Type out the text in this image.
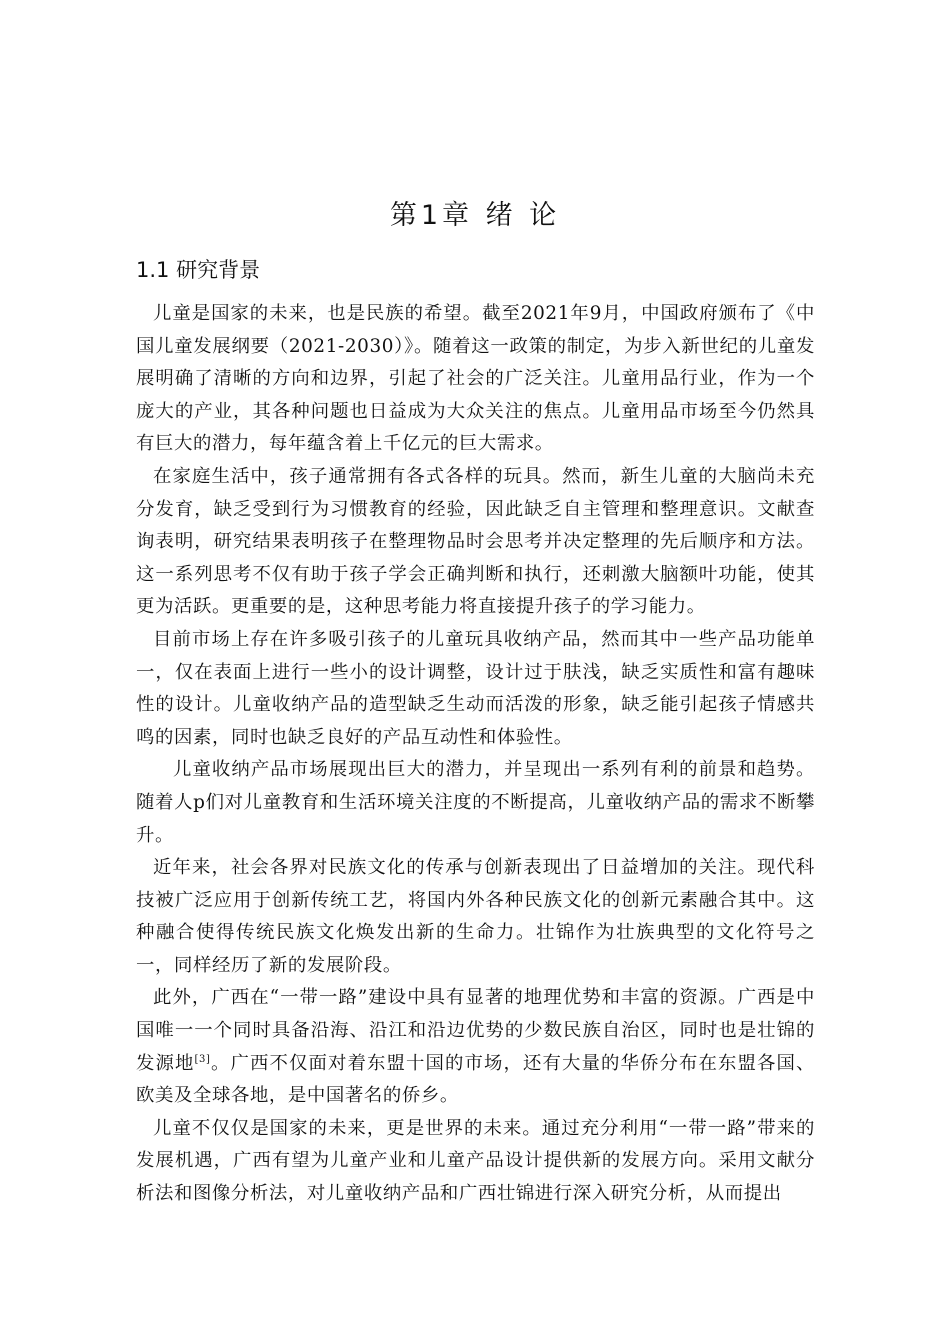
第1章 绪 论
1.1 研究背景

儿童是国家的未来，也是民族的希望。截至2021年9月，中国政府颁布了《中国儿童发展纲要（2021-2030）》。随着这一政策的制定，为步入新世纪的儿童发展明确了清晰的方向和边界，引起了社会的广泛关注。儿童用品行业，作为一个庞大的产业，其各种问题也日益成为大众关注的焦点。儿童用品市场至今仍然具有巨大的潜力，每年蕴含着上千亿元的巨大需求。

在家庭生活中，孩子通常拥有各式各样的玩具。然而，新生儿童的大脑尚未充分发育，缺乏受到行为习惯教育的经验，因此缺乏自主管理和整理意识。文献查询表明，研究结果表明孩子在整理物品时会思考并决定整理的先后顺序和方法。这一系列思考不仅有助于孩子学会正确判断和执行，还刺激大脑额叶功能，使其更为活跃。更重要的是，这种思考能力将直接提升孩子的学习能力。

目前市场上存在许多吸引孩子的儿童玩具收纳产品，然而其中一些产品功能单一，仅在表面上进行一些小的设计调整，设计过于肤浅，缺乏实质性和富有趣味性的设计。儿童收纳产品的造型缺乏生动而活泼的形象，缺乏能引起孩子情感共鸣的因素，同时也缺乏良好的产品互动性和体验性。

儿童收纳产品市场展现出巨大的潜力，并呈现出一系列有利的前景和趋势。随着人p们对儿童教育和生活环境关注度的不断提高，儿童收纳产品的需求不断攀升。

近年来，社会各界对民族文化的传承与创新表现出了日益增加的关注。现代科技被广泛应用于创新传统工艺，将国内外各种民族文化的创新元素融合其中。这种融合使得传统民族文化焕发出新的生命力。壮锦作为壮族典型的文化符号之一，同样经历了新的发展阶段。

此外，广西在“一带一路”建设中具有显著的地理优势和丰富的资源。广西是中国唯一一个同时具备沿海、沿江和沿边优势的少数民族自治区，同时也是壮锦的发源地[3]。广西不仅面对着东盟十国的市场，还有大量的华侨分布在东盟各国、欧美及全球各地，是中国著名的侨乡。

儿童不仅仅是国家的未来，更是世界的未来。通过充分利用“一带一路”带来的发展机遇，广西有望为儿童产业和儿童产品设计提供新的发展方向。采用文献分析法和图像分析法，对儿童收纳产品和广西壮锦进行深入研究分析，从而提出
